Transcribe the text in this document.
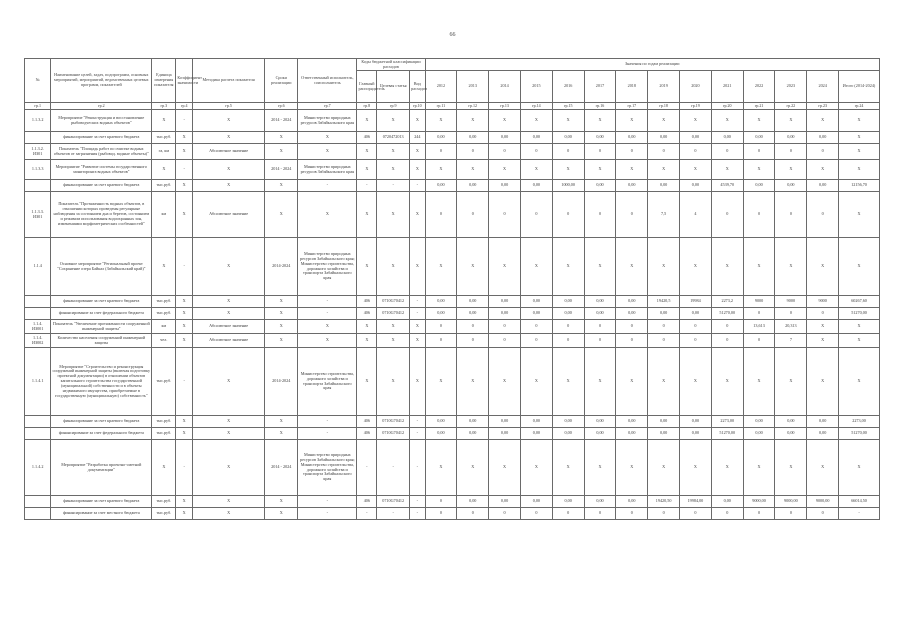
66
№	Наименование целей, задач, подпрограмм, основных мероприятий, мероприятий, ведомственных целевых программ, показателей	Единица измерения показателя	Коэффициент значимости	Методика расчета показателя	Сроки реализации	Ответственный исполнитель, соисполнитель	Коды бюджетной классификации расходов			Значения по годам реализации													
							Главный распорядитель	Целевая статья	Вид расходов	2012	2013	2014	2015	2016	2017	2018	2019	2020	2021	2022	2023	2024	Итого (2014-2024)
гр.1	гр.2	гр.3	гр.4	гр.5	гр.6	гр.7	гр.8	гр.9	гр.10	гр.11	гр.12	гр.13	гр.14	гр.15	гр.16	гр.17	гр.18	гр.19	гр.20	гр.21	гр.22	гр.23	гр.24
1.1.3.2	Мероприятие "Реконструкция и восстановление рыбоводческих водных объектов"	X	-	X	2014 - 2024	Министерство природных ресурсов Забайкальского края	X	X	X	X	X	X	X	X	X	X	X	X	X	X	X	X	X
	финансирование за счет краевого бюджета	тыс.руб.	X	X	X	X	406	0720472013	244	0,00	0,00	0,00	0,00	0,00	0,00	0,00	0,00	0,00	0,00	0,00	0,00	0,00	X
1.1.3.2.
ИЗ01	Показатель "Площадь работ по очистке водных объектов от загрязнения (рыбовод. водные объекты)"	га, км	X	Абсолютное значение	X	X	X	X	X	0	0	0	0	0	0	0	0	0	0	0	0	0	X
1.1.3.3	Мероприятие "Развитие системы государственного мониторинга водных объектов"	X	-	X	2014 - 2024	Министерство природных ресурсов Забайкальского края	X	X	X	X	X	X	X	X	X	X	X	X	X	X	X	X	X
	финансирование за счет краевого бюджета	тыс.руб.	X	X	X	-	-	-	-	0,00	0,00	0,00	0,00	1000,00	0,00	0,00	0,00	0,00	4539,70	0,00	0,00	0,00	12156,70
1.1.3.3.
ИЗ01	Показатель "Протяженность водных объектов, в отношении которых проведены регулярные наблюдения за состоянием дна и берегов, состоянием и режимом использования водоохранных зон, изменениями морфометрических особенностей"	км	X	Абсолютное значение	X	X	X	X	X	0	0	0	0	0	0	0	7,5	4	0	0	0	0	X
1.1.4	Основное мероприятие "Региональный проект "Сохранение озера Байкал (Забайкальский край)"	X	-	X	2014-2024	Министерство природных ресурсов Забайкальского края; Министерство строительства, дорожного хозяйства и транспорта Забайкальского края	X	X	X	X	X	X	X	X	X	X	X	X	X	X	X	X	X
	финансирование за счет краевого бюджета	тыс.руб.	X	X	X	-	406	0710G70412	-	0,00	0,00	0,00	0,00	0,00	0,00	0,00	19420,5	19984	2273,2	9000	9000	9000	60267,60
	финансирование за счет федерального бюджета	тыс.руб.	X	X	X	-	406	0710G70412	-	0,00	0,00	0,00	0,00	0,00	0,00	0,00	0,00	0,00	51270,00	0	0	0	51270,00
1.1.4.
ИЗ001	Показатель "Увеличение протяженности сооруженной инженерной защиты"	км	X	Абсолютное значение	X	X	X	X	X	0	0	0	0	0	0	0	0	0	0	13,613	20,313	X	X
1.1.4.
ИЗ002	Количество населения сооруженной инженерной защиты	чел.	X	Абсолютное значение	X	X	X	X	X	0	0	0	0	0	0	0	0	0	0	0	7	X	X
1.1.4.1	Мероприятие "Строительство и реконструкция сооружений инженерной защиты (включая подготовку проектной документации) в отношении объектов капитального строительства государственной (муниципальной) собственности и в объекты недвижимого имущества, приобретаемые в государственную (муниципальную) собственность"	тыс.руб.	-	X	2014-2024	Министерство строительства, дорожного хозяйства и транспорта Забайкальского края	X	X	X	X	X	X	X	X	X	X	X	X	X	X	X	X	X
	финансирование за счет краевого бюджета	тыс.руб.	X	X	X	-	406	0710G70412	-	0,00	0,00	0,00	0,00	0,00	0,00	0,00	0,00	0,00	2273,00	0,00	0,00	0,00	2273,00
	финансирование за счет федерального бюджета	тыс.руб.	X	X	X	-	406	0710G70412	-	0,00	0,00	0,00	0,00	0,00	0,00	0,00	0,00	0,00	51270,00	0,00	0,00	0,00	51270,00
1.1.4.2	Мероприятие "Разработка проектно-сметной документации"	X	-	X	2014 - 2024	Министерство природных ресурсов Забайкальского края; Министерство строительства, дорожного хозяйства и транспорта Забайкальского края	-	-	-	X	X	X	X	X	X	X	X	X	X	X	X	X	X
	финансирование за счет краевого бюджета	тыс.руб.	X	X	X	-	406	0710G70412	-	0	0,00	0,00	0,00	0,00	0,00	0,00	19420,50	19984,00	0,00	9000,00	9000,00	9000,00	66014,50
	финансирование за счет местного бюджета	тыс.руб.	X	X	X	-	-	-	-	0	0	0	0	0	0	0	0	0	0	0	0	0	-
